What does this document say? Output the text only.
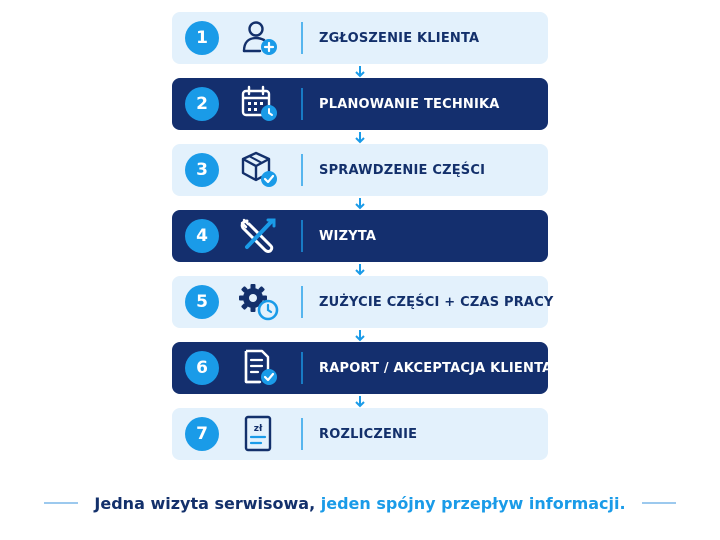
1	ZGŁOSZENIE KLIENTA
2	PLANOWANIE TECHNIKA
3	SPRAWDZENIE CZĘŚCI
4	WIZYTA
5	ZUŻYCIE CZĘŚCI + CZAS PRACY
6	RAPORT / AKCEPTACJA KLIENTA
7	zł	ROZLICZENIE
Jedna wizyta serwisowa, jeden spójny przepływ informacji.
